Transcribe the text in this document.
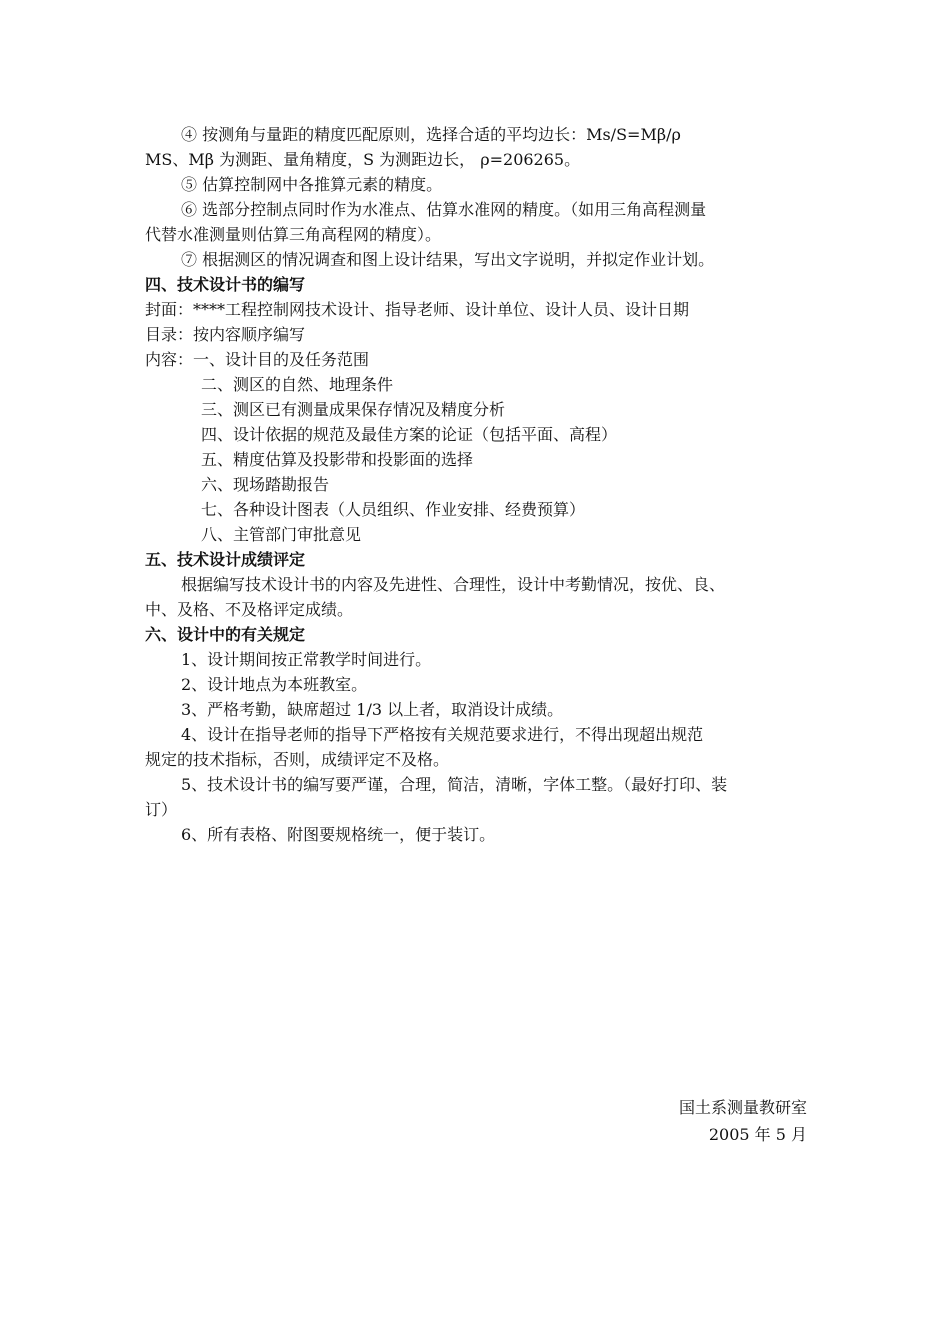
④ 按测角与量距的精度匹配原则，选择合适的平均边长：Ms/S=Mβ/ρ
MS、Mβ 为测距、量角精度，S 为测距边长， ρ=206265。
⑤ 估算控制网中各推算元素的精度。
⑥ 选部分控制点同时作为水准点、估算水准网的精度。（如用三角高程测量
代替水准测量则估算三角高程网的精度）。
⑦ 根据测区的情况调查和图上设计结果，写出文字说明，并拟定作业计划。
四、技术设计书的编写
封面：****工程控制网技术设计、指导老师、设计单位、设计人员、设计日期
目录：按内容顺序编写
内容：一、设计目的及任务范围
二、测区的自然、地理条件
三、测区已有测量成果保存情况及精度分析
四、设计依据的规范及最佳方案的论证（包括平面、高程）
五、精度估算及投影带和投影面的选择
六、现场踏勘报告
七、各种设计图表（人员组织、作业安排、经费预算）
八、主管部门审批意见
五、技术设计成绩评定
根据编写技术设计书的内容及先进性、合理性，设计中考勤情况，按优、良、
中、及格、不及格评定成绩。
六、设计中的有关规定
1、设计期间按正常教学时间进行。
2、设计地点为本班教室。
3、严格考勤，缺席超过 1/3 以上者，取消设计成绩。
4、设计在指导老师的指导下严格按有关规范要求进行，不得出现超出规范
规定的技术指标，否则，成绩评定不及格。
5、技术设计书的编写要严谨，合理，简洁，清晰，字体工整。（最好打印、装
订）
6、所有表格、附图要规格统一，便于装订。
国土系测量教研室
2005 年 5 月
